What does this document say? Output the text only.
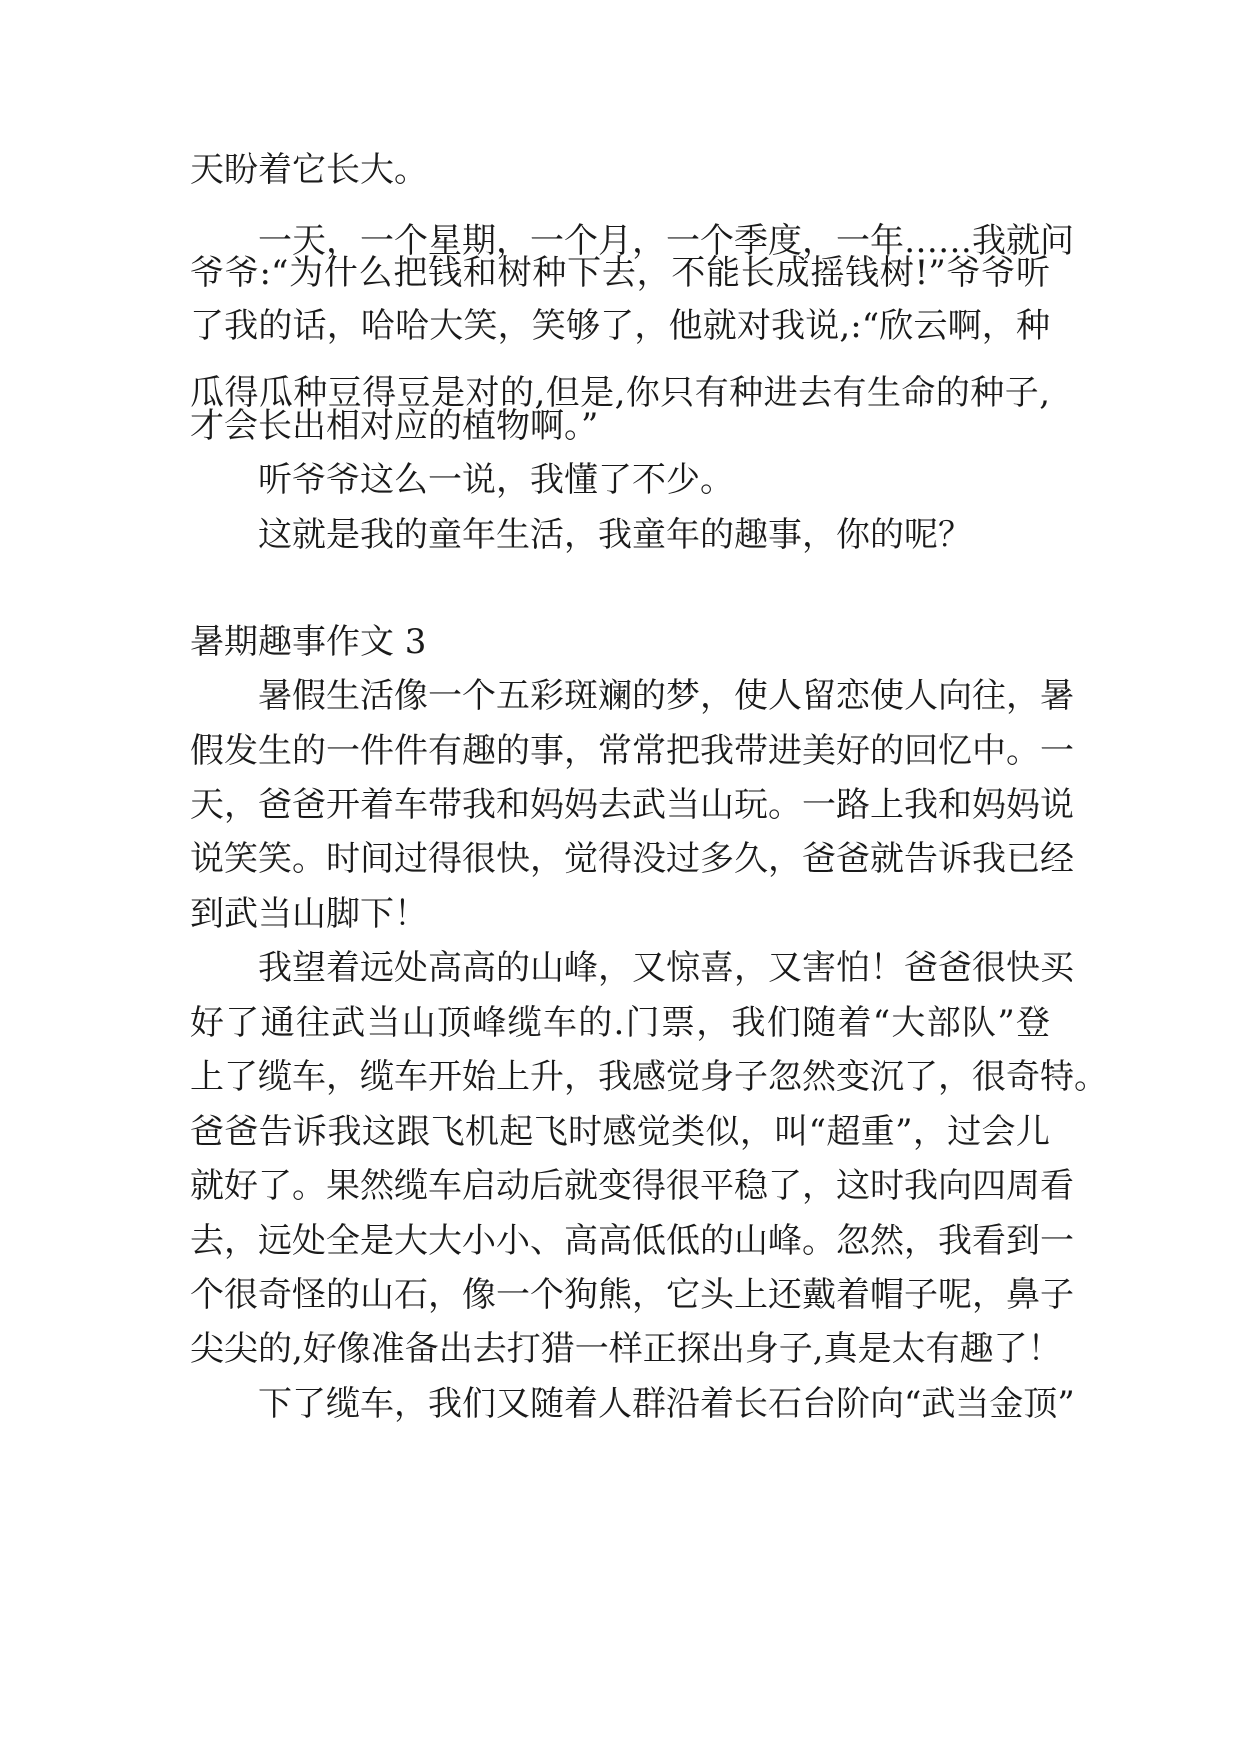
天盼着它长大。
一天，一个星期，一个月，一个季度，一年……我就问
爷爷:“为什么把钱和树种下去，不能长成摇钱树!”爷爷听
了我的话，哈哈大笑，笑够了，他就对我说,:“欣云啊，种
瓜得瓜种豆得豆是对的,但是,你只有种进去有生命的种子,
才会长出相对应的植物啊。”
听爷爷这么一说，我懂了不少。
这就是我的童年生活，我童年的趣事，你的呢？
暑期趣事作文 3
暑假生活像一个五彩斑斓的梦，使人留恋使人向往，暑
假发生的一件件有趣的事，常常把我带进美好的回忆中。一
天，爸爸开着车带我和妈妈去武当山玩。一路上我和妈妈说
说笑笑。时间过得很快，觉得没过多久，爸爸就告诉我已经
到武当山脚下！
我望着远处高高的山峰，又惊喜，又害怕！爸爸很快买
好了通往武当山顶峰缆车的.门票，我们随着“大部队”登
上了缆车，缆车开始上升，我感觉身子忽然变沉了，很奇特。
爸爸告诉我这跟飞机起飞时感觉类似，叫“超重”，过会儿
就好了。果然缆车启动后就变得很平稳了，这时我向四周看
去，远处全是大大小小、高高低低的山峰。忽然，我看到一
个很奇怪的山石，像一个狗熊，它头上还戴着帽子呢，鼻子
尖尖的,好像准备出去打猎一样正探出身子,真是太有趣了！
下了缆车，我们又随着人群沿着长石台阶向“武当金顶”
